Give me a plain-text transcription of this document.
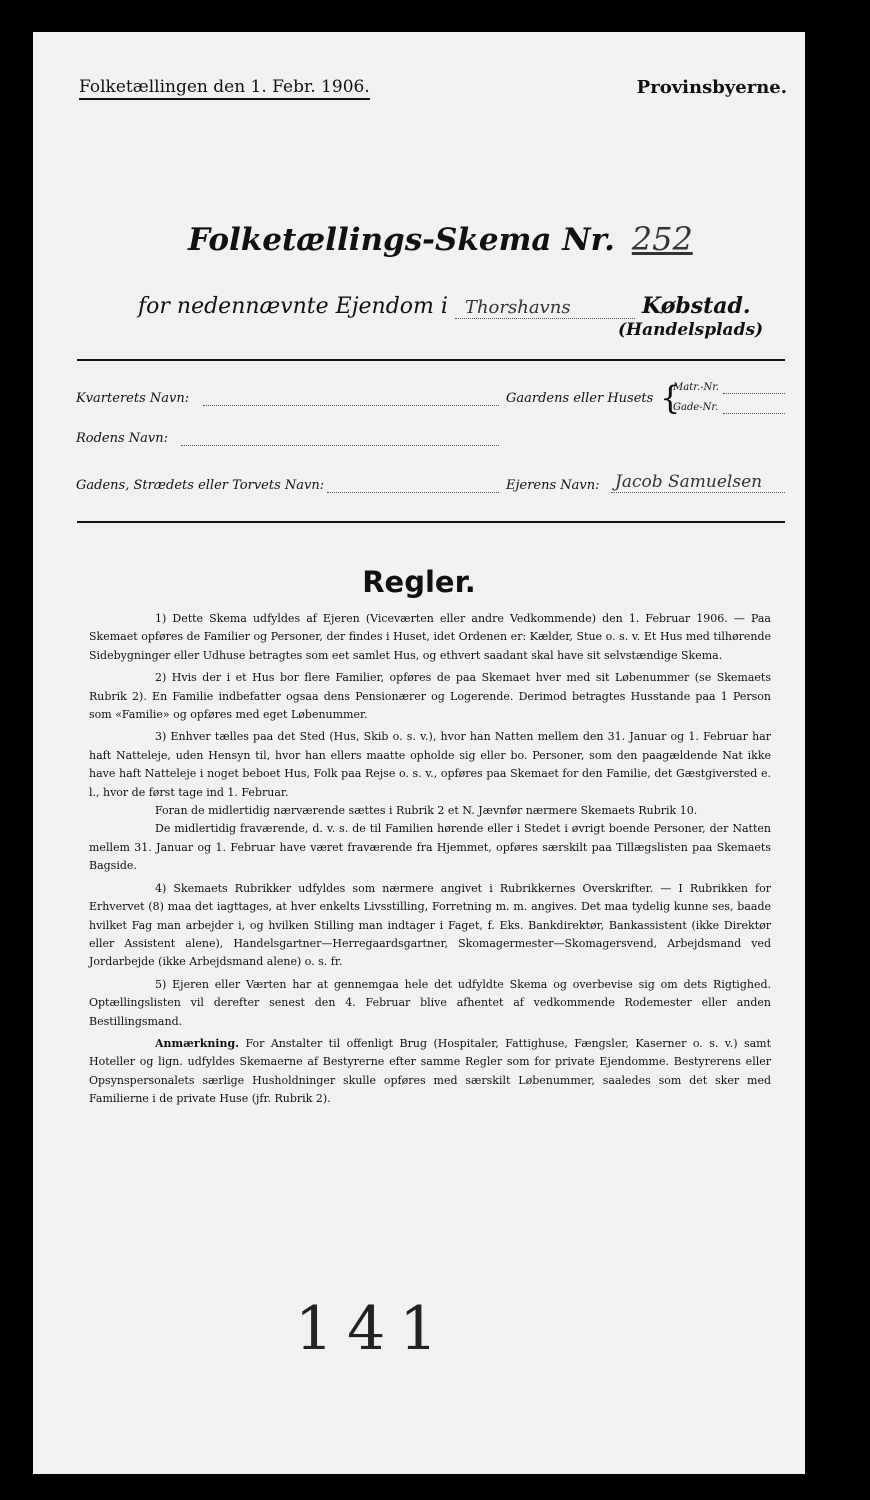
Folketællingen den 1. Febr. 1906.	Provinsbyerne.
Folketællings-Skema Nr. 252
for nedennævnte Ejendom i Thorshavns	Købstad.
(Handelsplads)
Kvarterets Navn:	Gaardens eller Husets {
Matr.-Nr.
Gade-Nr.
Rodens Navn:
Gadens, Strædets eller Torvets Navn:	Ejerens Navn: Jacob Samuelsen
Regler.

1) Dette Skema udfyldes af Ejeren (Viceværten eller andre Vedkommende) den 1. Februar 1906. — Paa Skemaet opføres de Familier og Personer, der findes i Huset, idet Ordenen er: Kælder, Stue o. s. v. Et Hus med tilhørende Sidebygninger eller Udhuse betragtes som eet samlet Hus, og ethvert saadant skal have sit selvstændige Skema.

2) Hvis der i et Hus bor flere Familier, opføres de paa Skemaet hver med sit Løbenummer (se Skemaets Rubrik 2). En Familie indbefatter ogsaa dens Pensionærer og Logerende. Derimod betragtes Husstande paa 1 Person som «Familie» og opføres med eget Løbenummer.

3) Enhver tælles paa det Sted (Hus, Skib o. s. v.), hvor han Natten mellem den 31. Januar og 1. Februar har haft Natteleje, uden Hensyn til, hvor han ellers maatte opholde sig eller bo. Personer, som den paagældende Nat ikke have haft Natteleje i noget beboet Hus, Folk paa Rejse o. s. v., opføres paa Skemaet for den Familie, det Gæstgiversted e. l., hvor de først tage ind 1. Februar.

Foran de midlertidig nærværende sættes i Rubrik 2 et N. Jævnfør nærmere Skemaets Rubrik 10.

De midlertidig fraværende, d. v. s. de til Familien hørende eller i Stedet i øvrigt boende Personer, der Natten mellem 31. Januar og 1. Februar have været fraværende fra Hjemmet, opføres særskilt paa Tillægslisten paa Skemaets Bagside.

4) Skemaets Rubrikker udfyldes som nærmere angivet i Rubrikkernes Overskrifter. — I Rubrikken for Erhvervet (8) maa det iagttages, at hver enkelts Livsstilling, Forretning m. m. angives. Det maa tydelig kunne ses, baade hvilket Fag man arbejder i, og hvilken Stilling man indtager i Faget, f. Eks. Bankdirektør, Bankassistent (ikke Direktør eller Assistent alene), Handelsgartner—Herregaardsgartner, Skomagermester—Skomagersvend, Arbejdsmand ved Jordarbejde (ikke Arbejdsmand alene) o. s. fr.

5) Ejeren eller Værten har at gennemgaa hele det udfyldte Skema og overbevise sig om dets Rigtighed. Optællingslisten vil derefter senest den 4. Februar blive afhentet af vedkommende Rodemester eller anden Bestillingsmand.

Anmærkning. For Anstalter til offenligt Brug (Hospitaler, Fattighuse, Fængsler, Kaserner o. s. v.) samt Hoteller og lign. udfyldes Skemaerne af Bestyrerne efter samme Regler som for private Ejendomme. Bestyrerens eller Opsynspersonalets særlige Husholdninger skulle opføres med særskilt Løbenummer, saaledes som det sker med Familierne i de private Huse (jfr. Rubrik 2).

141
